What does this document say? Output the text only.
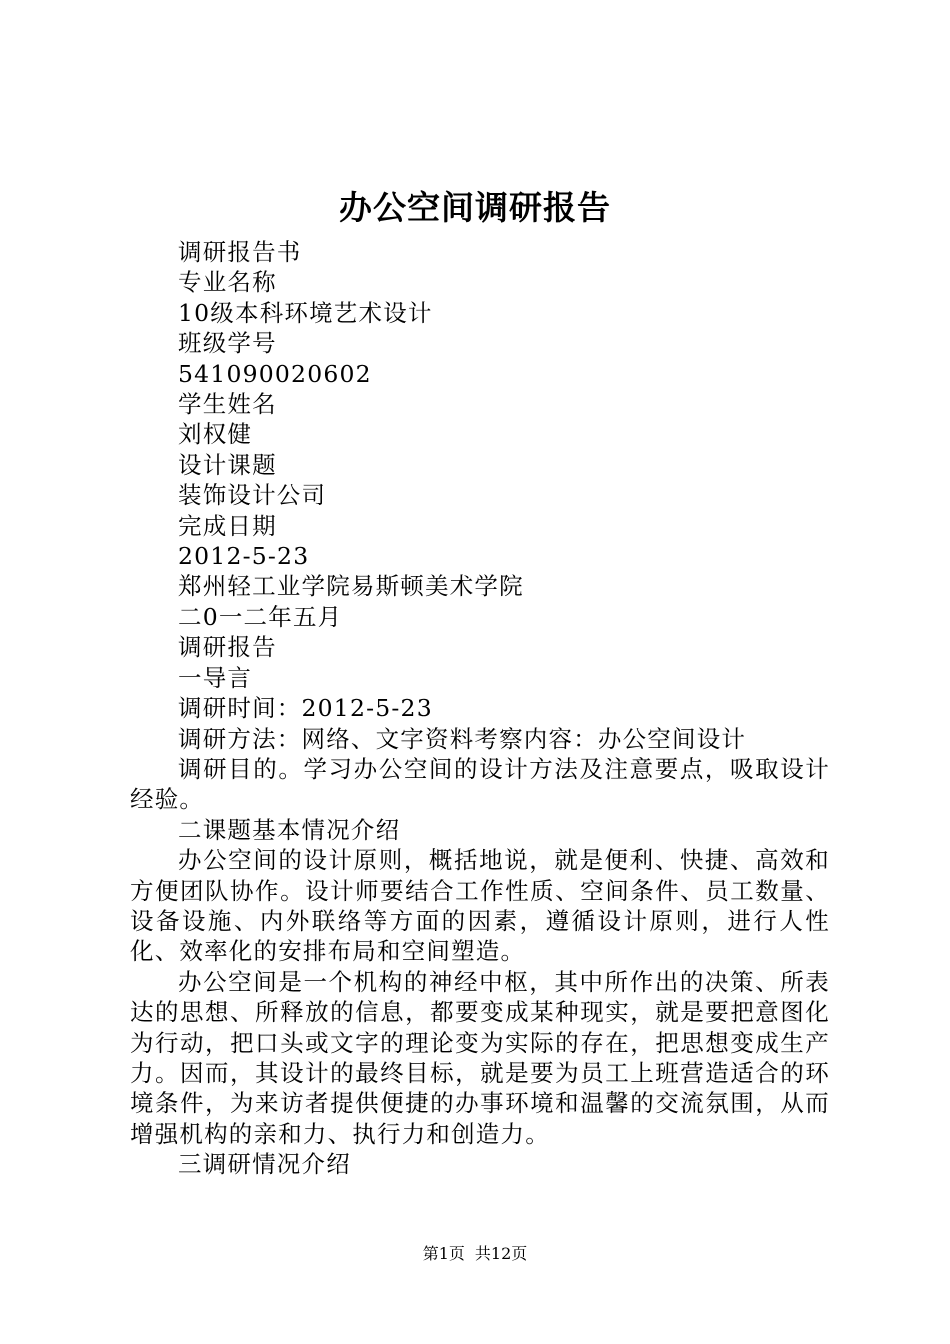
办公空间调研报告
调研报告书
专业名称
10级本科环境艺术设计
班级学号
541090020602
学生姓名
刘权健
设计课题
装饰设计公司
完成日期
2012-5-23
郑州轻工业学院易斯顿美术学院
二0一二年五月
调研报告
一导言
调研时间：2012-5-23
调研方法：网络、文字资料考察内容：办公空间设计

调研目的。学习办公空间的设计方法及注意要点，吸取设计经验。

二课题基本情况介绍

办公空间的设计原则，概括地说，就是便利、快捷、高效和方便团队协作。设计师要结合工作性质、空间条件、员工数量、设备设施、内外联络等方面的因素，遵循设计原则，进行人性化、效率化的安排布局和空间塑造。

办公空间是一个机构的神经中枢，其中所作出的决策、所表达的思想、所释放的信息，都要变成某种现实，就是要把意图化为行动，把口头或文字的理论变为实际的存在，把思想变成生产力。因而，其设计的最终目标，就是要为员工上班营造适合的环境条件，为来访者提供便捷的办事环境和温馨的交流氛围，从而增强机构的亲和力、执行力和创造力。

三调研情况介绍

第1页 共12页
